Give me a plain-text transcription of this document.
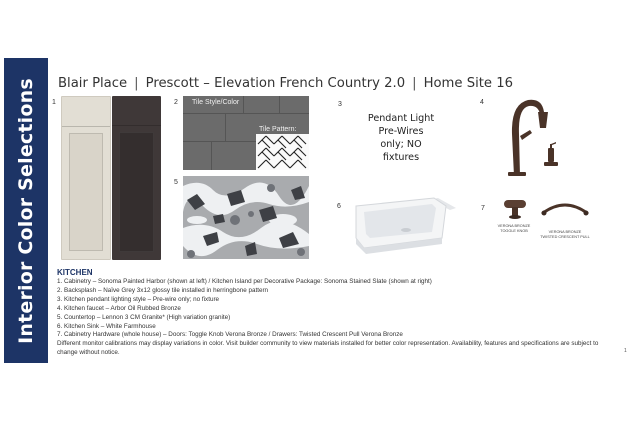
Interior Color Selections Blair Place | Prescott – Elevation French Country 2.0 | Home Site 16
1	2	3	4
5
6	7
Tile Style/Color
Tile Pattern:
Pendant Light
Pre-Wires
only; NO
fixtures
VERONA BRONZE
TOGGLE KNOB	VERONA BRONZE
TWISTED CRESCENT PULL
KITCHEN
1. Cabinetry – Sonoma Painted Harbor (shown at left) / Kitchen Island per Decorative Package: Sonoma Stained Slate (shown at right)
2. Backsplash – Naïve Grey 3x12 glossy tile installed in herringbone pattern
3. Kitchen pendant lighting style – Pre-wire only; no fixture
4. Kitchen faucet – Arbor Oil Rubbed Bronze
5. Countertop – Lennon 3 CM Granite* (High variation granite)
6. Kitchen Sink – White Farmhouse
7. Cabinetry Hardware (whole house) – Doors: Toggle Knob Verona Bronze / Drawers: Twisted Crescent Pull Verona Bronze
Different monitor calibrations may display variations in color. Visit builder community to view materials installed for better color representation. Availability, features and specifications are subject to change without notice.	1
